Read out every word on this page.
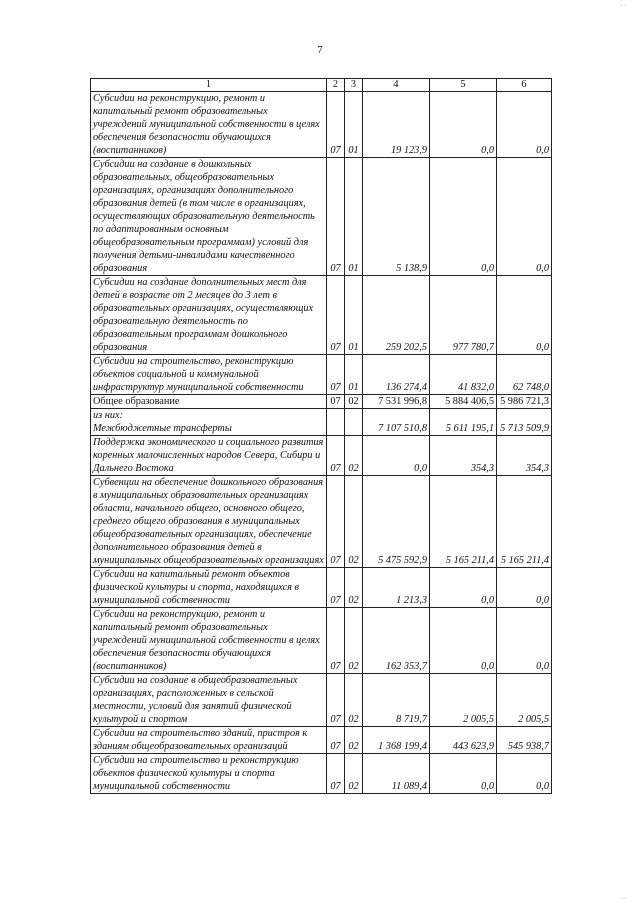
7
1	2	3	4	5	6
Субсидии на реконструкцию, ремонт и капитальный ремонт образовательных учреждений муниципальной собственности в целях обеспечения безопасности обучающихся (воспитанников)	07	01	19 123,9	0,0	0,0
Субсидии на создание в дошкольных образовательных, общеобразовательных организациях, организациях дополнительного образования детей (в том числе в организациях, осуществляющих образовательную деятельность по адаптированным основным общеобразовательным программам) условий для получения детьми-инвалидами качественного образования	07	01	5 138,9	0,0	0,0
Субсидии на создание дополнительных мест для детей в возрасте от 2 месяцев до 3 лет в образовательных организациях, осуществляющих образовательную деятельность по образовательным программам дошкольного образования	07	01	259 202,5	977 780,7	0,0
Субсидии на строительство, реконструкцию объектов социальной и коммунальной инфраструктур муниципальной собственности	07	01	136 274,4	41 832,0	62 748,0
Общее образование	07	02	7 531 996,8	5 884 406,5	5 986 721,3
из них:
Межбюджетные трансферты			7 107 510,8	5 611 195,1	5 713 509,9
Поддержка экономического и социального развития коренных малочисленных народов Севера, Сибири и Дальнего Востока	07	02	0,0	354,3	354,3
Субвенции на обеспечение дошкольного образования в муниципальных образовательных организациях области, начального общего, основного общего, среднего общего образования в муниципальных общеобразовательных организациях, обеспечение дополнительного образования детей в муниципальных общеобразовательных организациях	07	02	5 475 592,9	5 165 211,4	5 165 211,4
Субсидии на капитальный ремонт объектов физической культуры и спорта, находящихся в муниципальной собственности	07	02	1 213,3	0,0	0,0
Субсидии на реконструкцию, ремонт и капитальный ремонт образовательных учреждений муниципальной собственности в целях обеспечения безопасности обучающихся (воспитанников)	07	02	162 353,7	0,0	0,0
Субсидии на создание в общеобразовательных организациях, расположенных в сельской местности, условий для занятий физической культурой и спортом	07	02	8 719,7	2 005,5	2 005,5
Субсидии на строительство зданий, пристроя к зданиям общеобразовательных организаций	07	02	1 368 199,4	443 623,9	545 938,7
Субсидии на строительство и реконструкцию объектов физической культуры и спорта муниципальной собственности	07	02	11 089,4	0,0	0,0
· ·
· ·
